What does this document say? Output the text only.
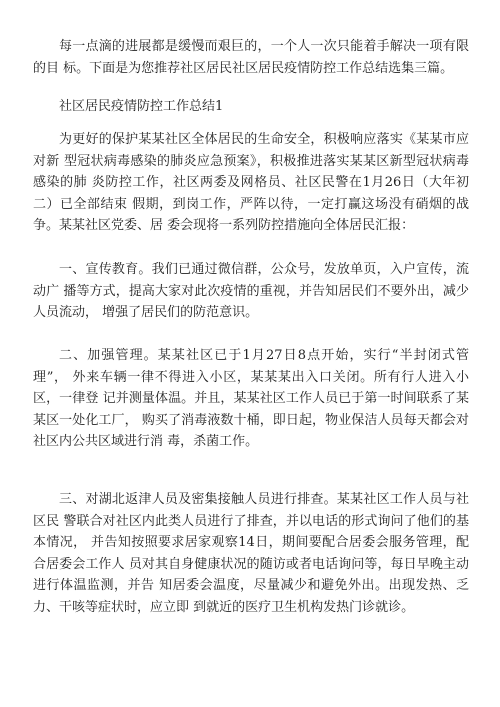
每一点滴的进展都是缓慢而艰巨的，一个人一次只能着手解决一项有限的目 标。下面是为您推荐社区居民社区居民疫情防控工作总结选集三篇。

社区居民疫情防控工作总结1

为更好的保护某某社区全体居民的生命安全，积极响应落实《某某市应对新 型冠状病毒感染的肺炎应急预案》，积极推进落实某某区新型冠状病毒感染的肺 炎防控工作，社区两委及网格员、社区民警在1月26日（大年初二）已全部结束 假期，到岗工作，严阵以待，一定打赢这场没有硝烟的战争。某某社区党委、居 委会现将一系列防控措施向全体居民汇报：

一、宣传教育。我们已通过微信群，公众号，发放单页，入户宣传，流动广 播等方式，提高大家对此次疫情的重视，并告知居民们不要外出，减少人员流动， 增强了居民们的防范意识。

二、加强管理。某某社区已于1月27日8点开始，实行“半封闭式管理”， 外来车辆一律不得进入小区，某某某出入口关闭。所有行人进入小区，一律登 记并测量体温。并且，某某社区工作人员已于第一时间联系了某某区一处化工厂， 购买了消毒液数十桶，即日起，物业保洁人员每天都会对社区内公共区域进行消 毒，杀菌工作。

三、对湖北返津人员及密集接触人员进行排查。某某社区工作人员与社区民 警联合对社区内此类人员进行了排查，并以电话的形式询问了他们的基本情况， 并告知按照要求居家观察14日，期间要配合居委会服务管理，配合居委会工作人 员对其自身健康状况的随访或者电话询问等，每日早晚主动进行体温监测，并告 知居委会温度，尽量减少和避免外出。出现发热、乏力、干咳等症状时，应立即 到就近的医疗卫生机构发热门诊就诊。
